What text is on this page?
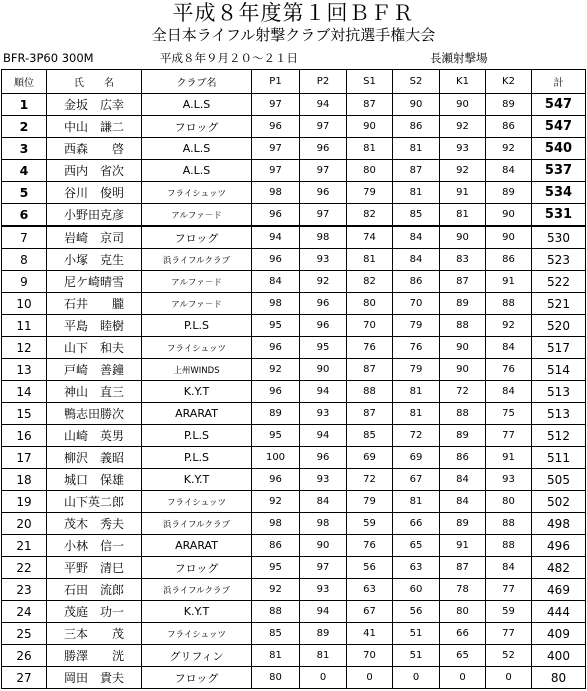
平成８年度第１回ＢＦＲ
全日本ライフル射撃クラブ対抗選手権大会
BFR-3P60 300M	平成８年９月２０～２１日	長瀬射撃場
順位	氏　　名	クラブ名	P1	P2	S1	S2	K1	K2	計
1	金坂　広幸	A.L.S	97	94	87	90	90	89	547
2	中山　謙二	フロッグ	96	97	90	86	92	86	547
3	西森　　啓	A.L.S	97	96	81	81	93	92	540
4	西内　省次	A.L.S	97	97	80	87	92	84	537
5	谷川　俊明	フライシュッツ	98	96	79	81	91	89	534
6	小野田克彦	アルファ－ド	96	97	82	85	81	90	531
7	岩崎　京司	フロッグ	94	98	74	84	90	90	530
8	小塚　克生	浜ライフルクラブ	96	93	81	84	83	86	523
9	尼ケ崎晴雪	アルファ－ド	84	92	82	86	87	91	522
10	石井　　朧	アルファ－ド	98	96	80	70	89	88	521
11	平島　睦樹	P.L.S	95	96	70	79	88	92	520
12	山下　和夫	フライシュッツ	96	95	76	76	90	84	517
13	戸崎　善鐘	上州WINDS	92	90	87	79	90	76	514
14	神山　直三	K.Y.T	96	94	88	81	72	84	513
15	鴨志田勝次	ARARAT	89	93	87	81	88	75	513
16	山崎　英男	P.L.S	95	94	85	72	89	77	512
17	柳沢　義昭	P.L.S	100	96	69	69	86	91	511
18	城口　保雄	K.Y.T	96	93	72	67	84	93	505
19	山下英二郎	フライシュッツ	92	84	79	81	84	80	502
20	茂木　秀夫	浜ライフルクラブ	98	98	59	66	89	88	498
21	小林　信一	ARARAT	86	90	76	65	91	88	496
22	平野　清巳	フロッグ	95	97	56	63	87	84	482
23	石田　流郎	浜ライフルクラブ	92	93	63	60	78	77	469
24	茂庭　功一	K.Y.T	88	94	67	56	80	59	444
25	三本　　茂	フライシュッツ	85	89	41	51	66	77	409
26	勝澤　　洸	グリフィン	81	81	70	51	65	52	400
27	岡田　貴夫	フロッグ	80	0	0	0	0	0	80
